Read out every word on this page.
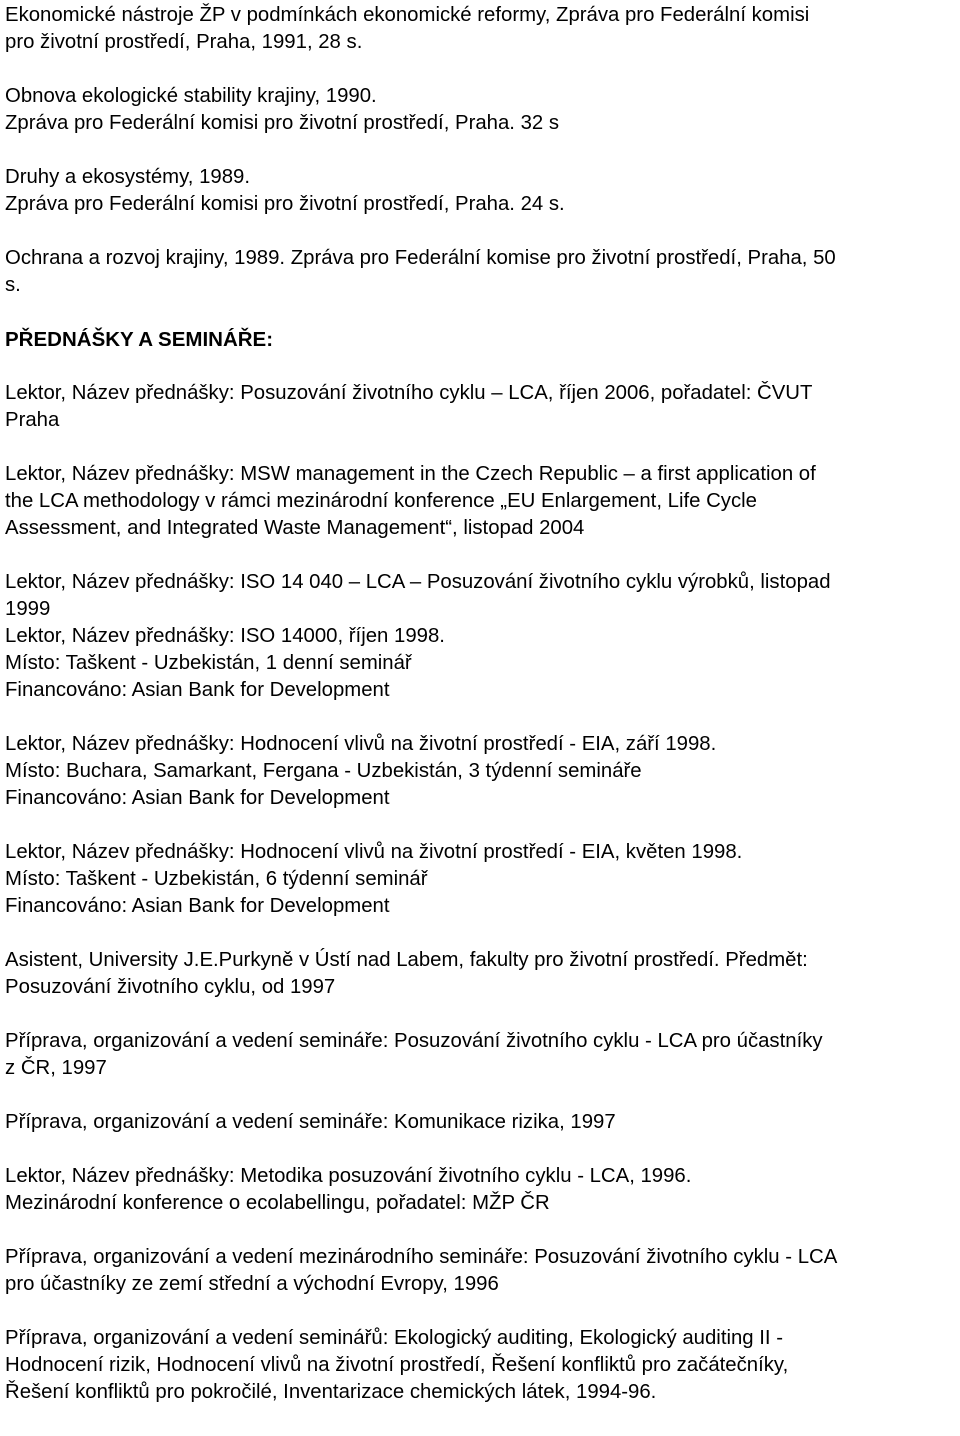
Ekonomické nástroje ŽP v podmínkách ekonomické reformy, Zpráva pro Federální komisi
pro životní prostředí, Praha, 1991, 28 s.
Obnova ekologické stability krajiny, 1990.
Zpráva pro Federální komisi pro životní prostředí, Praha. 32 s
Druhy a ekosystémy, 1989.
Zpráva pro Federální komisi pro životní prostředí, Praha. 24 s.
Ochrana a rozvoj krajiny, 1989. Zpráva pro Federální komise pro životní prostředí, Praha, 50
s.
PŘEDNÁŠKY A SEMINÁŘE:
Lektor, Název přednášky: Posuzování životního cyklu – LCA, říjen 2006, pořadatel: ČVUT
Praha
Lektor, Název přednášky: MSW management in the Czech Republic – a first application of
the LCA methodology v rámci mezinárodní konference „EU Enlargement, Life Cycle
Assessment, and Integrated Waste Management“, listopad 2004
Lektor, Název přednášky: ISO 14 040 – LCA – Posuzování životního cyklu výrobků, listopad
1999
Lektor, Název přednášky: ISO 14000, říjen 1998.
Místo: Taškent - Uzbekistán, 1 denní seminář
Financováno: Asian Bank for Development
Lektor, Název přednášky: Hodnocení vlivů na životní prostředí - EIA, září 1998.
Místo: Buchara, Samarkant, Fergana - Uzbekistán, 3 týdenní semináře
Financováno: Asian Bank for Development
Lektor, Název přednášky: Hodnocení vlivů na životní prostředí - EIA, květen 1998.
Místo: Taškent - Uzbekistán, 6 týdenní seminář
Financováno: Asian Bank for Development
Asistent, University J.E.Purkyně v Ústí nad Labem, fakulty pro životní prostředí. Předmět:
Posuzování životního cyklu, od 1997
Příprava, organizování a vedení semináře: Posuzování životního cyklu - LCA pro účastníky
z ČR, 1997
Příprava, organizování a vedení semináře: Komunikace rizika, 1997
Lektor, Název přednášky: Metodika posuzování životního cyklu - LCA, 1996.
Mezinárodní konference o ecolabellingu, pořadatel: MŽP ČR
Příprava, organizování a vedení mezinárodního semináře: Posuzování životního cyklu - LCA
pro účastníky ze zemí střední a východní Evropy, 1996
Příprava, organizování a vedení seminářů: Ekologický auditing, Ekologický auditing II -
Hodnocení rizik, Hodnocení vlivů na životní prostředí, Řešení konfliktů pro začátečníky,
Řešení konfliktů pro pokročilé, Inventarizace chemických látek, 1994-96.
